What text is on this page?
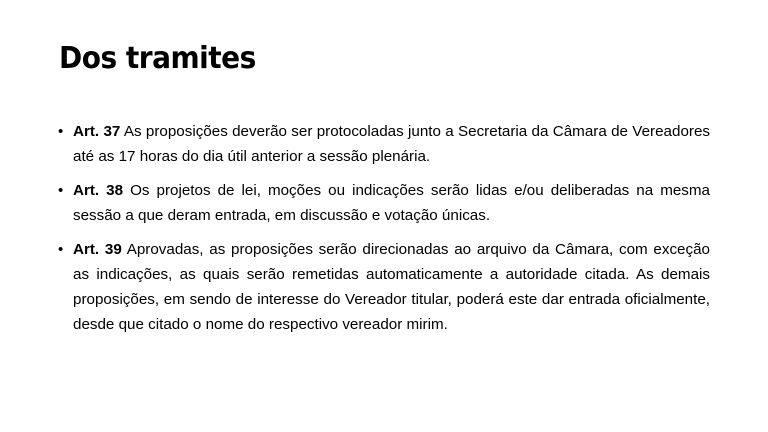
Dos tramites
• Art. 37 As proposições deverão ser protocoladas junto a Secretaria da Câmara de Vereadores até as 17 horas do dia útil anterior a sessão plenária.
• Art. 38 Os projetos de lei, moções ou indicações serão lidas e/ou deliberadas na mesma sessão a que deram entrada, em discussão e votação únicas.
• Art. 39 Aprovadas, as proposições serão direcionadas ao arquivo da Câmara, com exceção as indicações, as quais serão remetidas automaticamente a autoridade citada. As demais proposições, em sendo de interesse do Vereador titular, poderá este dar entrada oficialmente, desde que citado o nome do respectivo vereador mirim.
